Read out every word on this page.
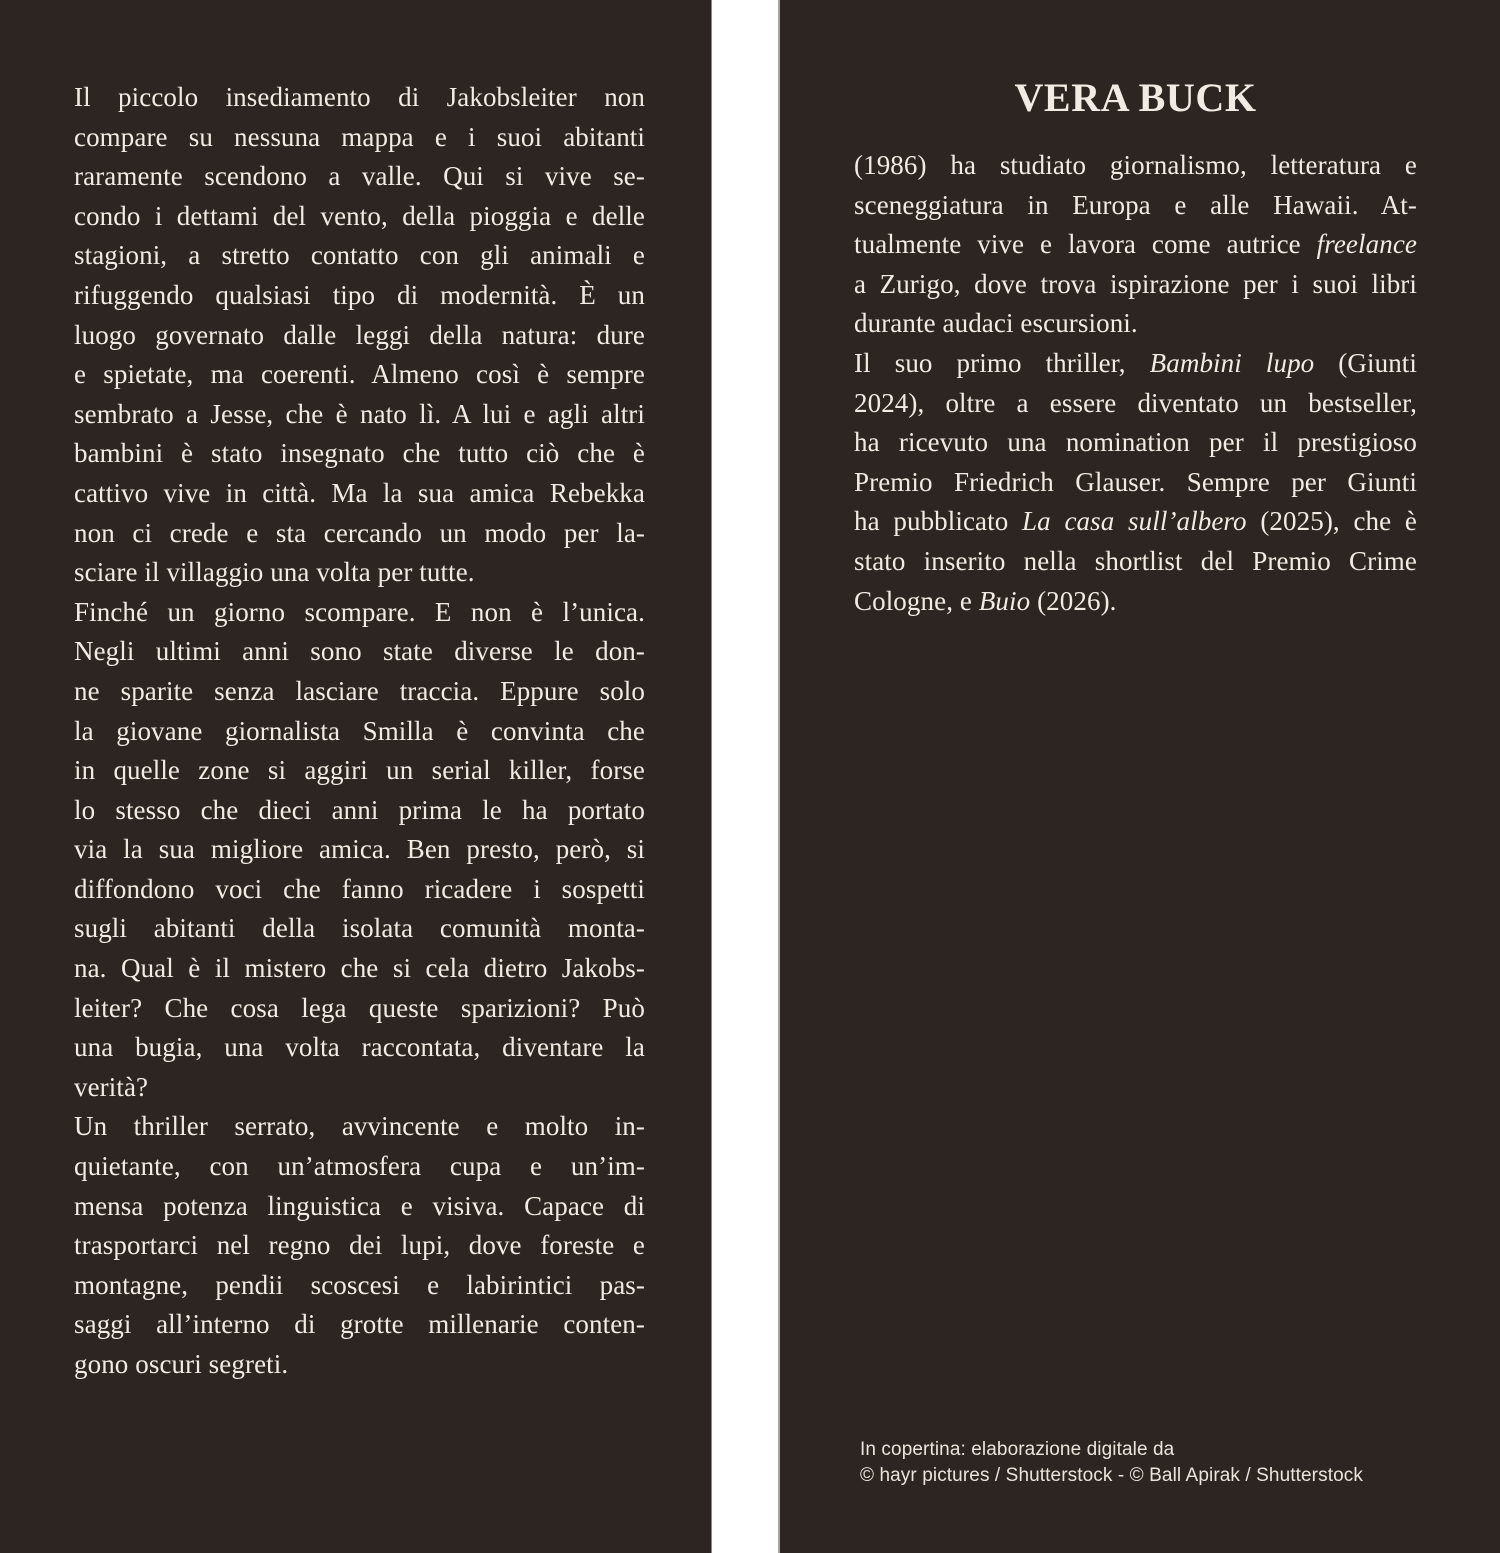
Il piccolo insediamento di Jakobsleiter non
compare su nessuna mappa e i suoi abitanti
raramente scendono a valle. Qui si vive se-
condo i dettami del vento, della pioggia e delle
stagioni, a stretto contatto con gli animali e
rifuggendo qualsiasi tipo di modernità. È un
luogo governato dalle leggi della natura: dure
e spietate, ma coerenti. Almeno così è sempre
sembrato a Jesse, che è nato lì. A lui e agli altri
bambini è stato insegnato che tutto ciò che è
cattivo vive in città. Ma la sua amica Rebekka
non ci crede e sta cercando un modo per la-
sciare il villaggio una volta per tutte.
Finché un giorno scompare. E non è l’unica.
Negli ultimi anni sono state diverse le don-
ne sparite senza lasciare traccia. Eppure solo
la giovane giornalista Smilla è convinta che
in quelle zone si aggiri un serial killer, forse
lo stesso che dieci anni prima le ha portato
via la sua migliore amica. Ben presto, però, si
diffondono voci che fanno ricadere i sospetti
sugli abitanti della isolata comunità monta-
na. Qual è il mistero che si cela dietro Jakobs-
leiter? Che cosa lega queste sparizioni? Può
una bugia, una volta raccontata, diventare la
verità?
Un thriller serrato, avvincente e molto in-
quietante, con un’atmosfera cupa e un’im-
mensa potenza linguistica e visiva. Capace di
trasportarci nel regno dei lupi, dove foreste e
montagne, pendii scoscesi e labirintici pas-
saggi all’interno di grotte millenarie conten-
gono oscuri segreti.
VERA BUCK
(1986) ha studiato giornalismo, letteratura e
sceneggiatura in Europa e alle Hawaii. At-
tualmente vive e lavora come autrice freelance
a Zurigo, dove trova ispirazione per i suoi libri
durante audaci escursioni.
Il suo primo thriller, Bambini lupo (Giunti
2024), oltre a essere diventato un bestseller,
ha ricevuto una nomination per il prestigioso
Premio Friedrich Glauser. Sempre per Giunti
ha pubblicato La casa sull’albero (2025), che è
stato inserito nella shortlist del Premio Crime
Cologne, e Buio (2026).
In copertina: elaborazione digitale da
© hayr pictures / Shutterstock - © Ball Apirak / Shutterstock
